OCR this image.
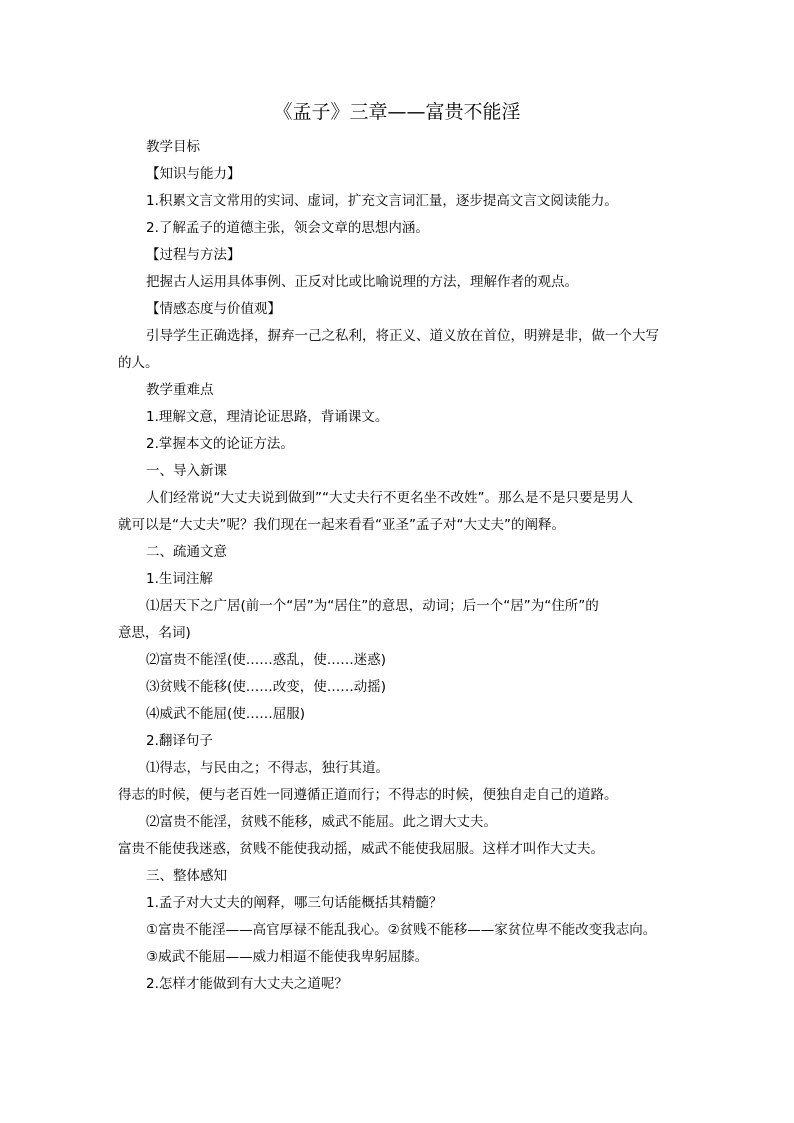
《孟子》三章——富贵不能淫
教学目标
【知识与能力】
1.积累文言文常用的实词、虚词，扩充文言词汇量，逐步提高文言文阅读能力。
2.了解孟子的道德主张，领会文章的思想内涵。
【过程与方法】
把握古人运用具体事例、正反对比或比喻说理的方法，理解作者的观点。
【情感态度与价值观】
引导学生正确选择，摒弃一己之私利，将正义、道义放在首位，明辨是非，做一个大写
的人。
教学重难点
1.理解文意，理清论证思路，背诵课文。
2.掌握本文的论证方法。
一、导入新课
人们经常说“大丈夫说到做到”“大丈夫行不更名坐不改姓”。那么是不是只要是男人
就可以是“大丈夫”呢？我们现在一起来看看“亚圣”孟子对“大丈夫”的阐释。
二、疏通文意
1.生词注解
⑴居天下之广居(前一个“居”为“居住”的意思，动词；后一个“居”为“住所”的
意思，名词)
⑵富贵不能淫(使……惑乱，使……迷惑)
⑶贫贱不能移(使……改变，使……动摇)
⑷威武不能屈(使……屈服)
2.翻译句子
⑴得志，与民由之；不得志，独行其道。
得志的时候，便与老百姓一同遵循正道而行；不得志的时候，便独自走自己的道路。
⑵富贵不能淫，贫贱不能移，威武不能屈。此之谓大丈夫。
富贵不能使我迷惑，贫贱不能使我动摇，威武不能使我屈服。这样才叫作大丈夫。
三、整体感知
1.孟子对大丈夫的阐释，哪三句话能概括其精髓？
①富贵不能淫——高官厚禄不能乱我心。②贫贱不能移——家贫位卑不能改变我志向。
③威武不能屈——威力相逼不能使我卑躬屈膝。
2.怎样才能做到有大丈夫之道呢？
